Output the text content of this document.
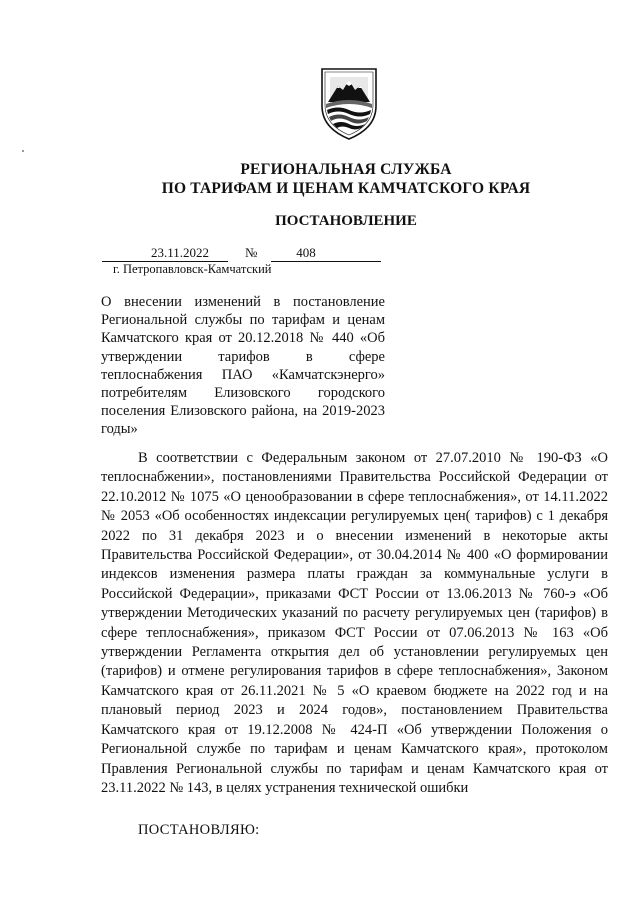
РЕГИОНАЛЬНАЯ СЛУЖБА
ПО ТАРИФАМ И ЦЕНАМ КАМЧАТСКОГО КРАЯ
ПОСТАНОВЛЕНИЕ
23.11.2022	№	408
г. Петропавловск-Камчатский
О внесении изменений в постановление Региональной службы по тарифам и ценам Камчатского края от 20.12.2018 № 440 «Об утверждении тарифов в сфере теплоснабжения ПАО «Камчатскэнерго» потребителям Елизовского городского поселения Елизовского района, на 2019-2023 годы»
В соответствии с Федеральным законом от 27.07.2010 № 190-ФЗ «О теплоснабжении», постановлениями Правительства Российской Федерации от 22.10.2012 № 1075 «О ценообразовании в сфере теплоснабжения», от 14.11.2022 № 2053 «Об особенностях индексации регулируемых цен( тарифов) с 1 декабря 2022 по 31 декабря 2023 и о внесении изменений в некоторые акты Правительства Российской Федерации», от 30.04.2014 № 400 «О формировании индексов изменения размера платы граждан за коммунальные услуги в Российской Федерации», приказами ФСТ России от 13.06.2013 № 760-э «Об утверждении Методических указаний по расчету регулируемых цен (тарифов) в сфере теплоснабжения», приказом ФСТ России от 07.06.2013 № 163 «Об утверждении Регламента открытия дел об установлении регулируемых цен (тарифов) и отмене регулирования тарифов в сфере теплоснабжения», Законом Камчатского края от 26.11.2021 № 5 «О краевом бюджете на 2022 год и на плановый период 2023 и 2024 годов», постановлением Правительства Камчатского края от 19.12.2008 № 424-П «Об утверждении Положения о Региональной службе по тарифам и ценам Камчатского края», протоколом Правления Региональной службы по тарифам и ценам Камчатского края от 23.11.2022 № 143, в целях устранения технической ошибки
ПОСТАНОВЛЯЮ:
